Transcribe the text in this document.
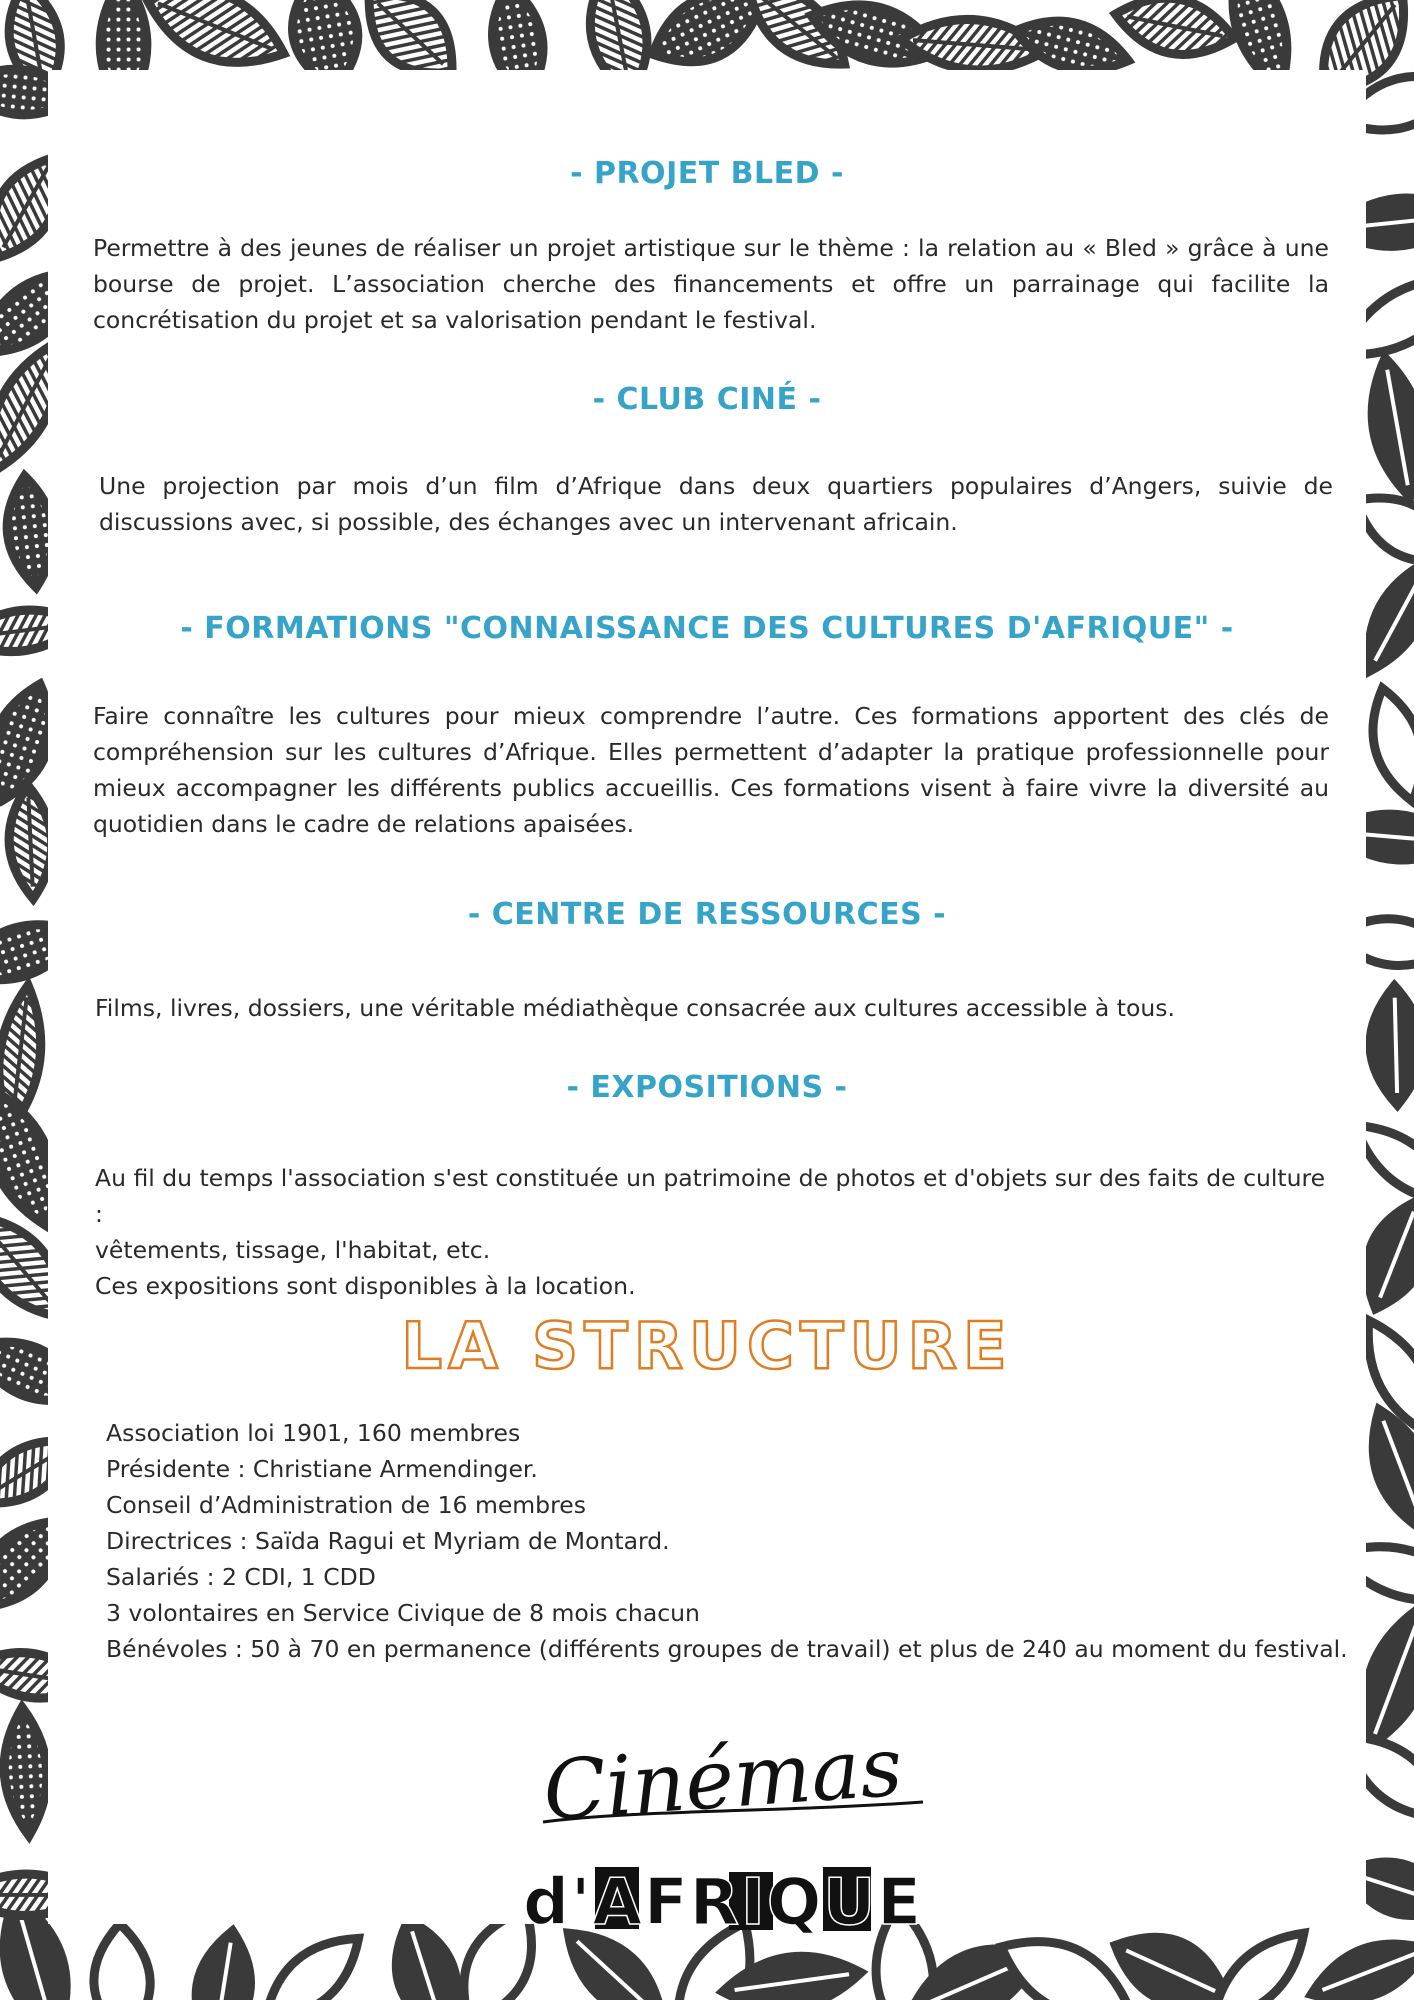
- PROJET BLED -

Permettre à des jeunes de réaliser un projet artistique sur le thème : la relation au « Bled » grâce à une
bourse de projet. L’association cherche des financements et offre un parrainage qui facilite la
concrétisation du projet et sa valorisation pendant le festival.

- CLUB CINÉ -

Une projection par mois d’un film d’Afrique dans deux quartiers populaires d’Angers, suivie de
discussions avec, si possible, des échanges avec un intervenant africain.

- FORMATIONS "CONNAISSANCE DES CULTURES D'AFRIQUE" -

Faire connaître les cultures pour mieux comprendre l’autre. Ces formations apportent des clés de
compréhension sur les cultures d’Afrique. Elles permettent d’adapter la pratique professionnelle pour
mieux accompagner les différents publics accueillis. Ces formations visent à faire vivre la diversité au
quotidien dans le cadre de relations apaisées.

- CENTRE DE RESSOURCES -

Films, livres, dossiers, une véritable médiathèque consacrée aux cultures accessible à tous.

- EXPOSITIONS -

Au fil du temps l'association s'est constituée un patrimoine de photos et d'objets sur des faits de culture :
vêtements, tissage, l'habitat, etc.
Ces expositions sont disponibles à la location.

LA STRUCTURE
Association loi 1901, 160 membres
Présidente : Christiane Armendinger.
Conseil d’Administration de 16 membres
Directrices : Saïda Ragui et Myriam de Montard.
Salariés : 2 CDI, 1 CDD
3 volontaires en Service Civique de 8 mois chacun
Bénévoles : 50 à 70 en permanence (différents groupes de travail) et plus de 240 au moment du festival.
Cinémas
d'AFRIQUE
